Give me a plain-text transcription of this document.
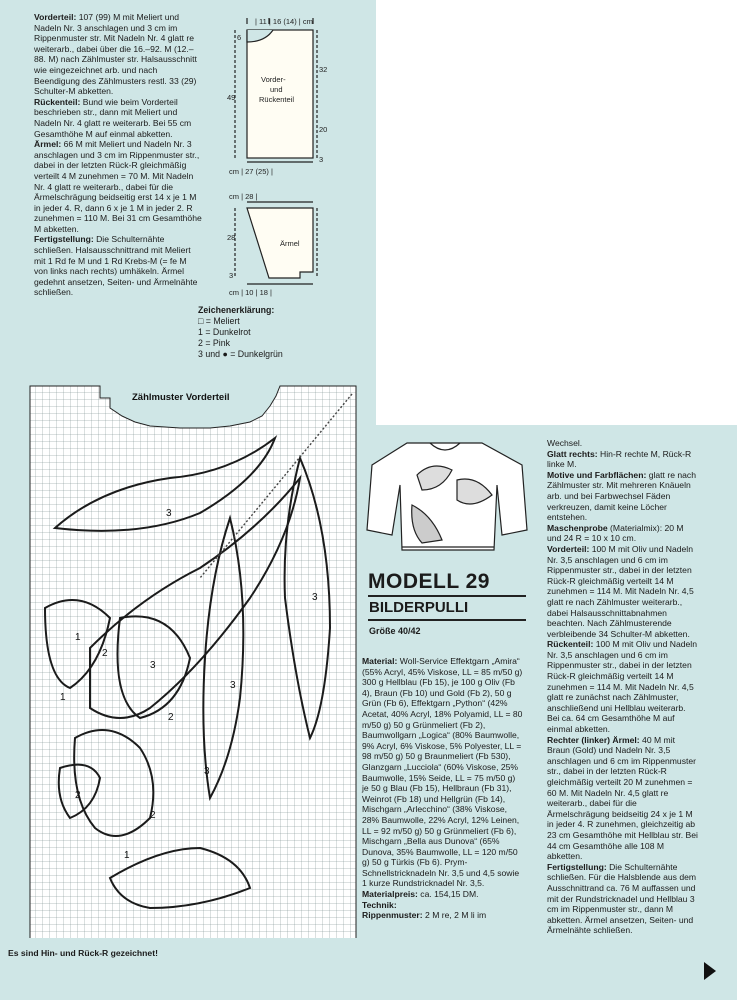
Vorderteil: 107 (99) M mit Meliert und Nadeln Nr. 3 anschlagen und 3 cm im Rippenmuster str. Mit Nadeln Nr. 4 glatt re weiterarb., dabei über die 16.–92. M (12.–88. M) nach Zählmuster str. Halsausschnitt wie eingezeichnet arb. und nach Beendigung des Zählmusters restl. 33 (29) Schulter-M abketten.

Rückenteil: Bund wie beim Vorderteil beschrieben str., dann mit Meliert und Nadeln Nr. 4 glatt re weiterarb. Bei 55 cm Gesamthöhe M auf einmal abketten.

Ärmel: 66 M mit Meliert und Nadeln Nr. 3 anschlagen und 3 cm im Rippenmuster str., dabei in der letzten Rück-R gleichmäßig verteilt 4 M zunehmen = 70 M. Mit Nadeln Nr. 4 glatt re weiterarb., dabei für die Ärmelschrägung beidseitig erst 14 x je 1 M in jeder 4. R, dann 6 x je 1 M in jeder 2. R zunehmen = 110 M. Bei 31 cm Gesamthöhe M abketten.

Fertigstellung: Die Schulternähte schließen. Halsausschnittrand mit Meliert mit 1 Rd fe M und 1 Rd Krebs-M (= fe M von links nach rechts) umhäkeln. Ärmel gedehnt ansetzen, Seiten- und Ärmelnähte schließen.

| 11 | 16 (14) | cm
6
49
32
20
3
cm | 27 (25) |
Vorder-
und
Rückenteil
cm | 28 |
28
3
Ärmel
cm | 10 | 18 |

Zeichenerklärung:

□ = Meliert

1 = Dunkelrot

2 = Pink

3 und ● = Dunkelgrün

Zählmuster Vorderteil
3
3
1
2
3
3
1
2
2
3
2
1
Es sind Hin- und Rück-R gezeichnet!
MODELL 29
BILDERPULLI
Größe 40/42

Material: Woll-Service Effektgarn „Amira“ (55% Acryl, 45% Viskose, LL = 85 m/50 g) 300 g Hellblau (Fb 15), je 100 g Oliv (Fb 4), Braun (Fb 10) und Gold (Fb 2), 50 g Grün (Fb 6), Effektgarn „Python“ (42% Acetat, 40% Acryl, 18% Polyamid, LL = 80 m/50 g) 50 g Grünmeliert (Fb 2), Baumwollgarn „Logica“ (80% Baumwolle, 9% Acryl, 6% Viskose, 5% Polyester, LL = 98 m/50 g) 50 g Braunmeliert (Fb 530), Glanzgarn „Lucciola“ (60% Viskose, 25% Baumwolle, 15% Seide, LL = 75 m/50 g) je 50 g Blau (Fb 15), Hellbraun (Fb 31), Weinrot (Fb 18) und Hellgrün (Fb 14), Mischgarn „Arlecchino“ (38% Viskose, 28% Baumwolle, 22% Acryl, 12% Leinen, LL = 92 m/50 g) 50 g Grünmeliert (Fb 6), Mischgarn „Bella aus Dunova“ (65% Dunova, 35% Baumwolle, LL = 120 m/50 g) 50 g Türkis (Fb 6). Prym-Schnellstricknadeln Nr. 3,5 und 4,5 sowie 1 kurze Rundstricknadel Nr. 3,5.

Materialpreis: ca. 154,15 DM.

Technik:

Rippenmuster: 2 M re, 2 M li im

Wechsel.

Glatt rechts: Hin-R rechte M, Rück-R linke M.

Motive und Farbflächen: glatt re nach Zählmuster str. Mit mehreren Knäueln arb. und bei Farbwechsel Fäden verkreuzen, damit keine Löcher entstehen.

Maschenprobe (Materialmix): 20 M und 24 R = 10 x 10 cm.

Vorderteil: 100 M mit Oliv und Nadeln Nr. 3,5 anschlagen und 6 cm im Rippenmuster str., dabei in der letzten Rück-R gleichmäßig verteilt 14 M zunehmen = 114 M. Mit Nadeln Nr. 4,5 glatt re nach Zählmuster weiterarb., dabei Halsausschnittabnahmen beachten. Nach Zählmusterende verbleibende 34 Schulter-M abketten.

Rückenteil: 100 M mit Oliv und Nadeln Nr. 3,5 anschlagen und 6 cm im Rippenmuster str., dabei in der letzten Rück-R gleichmäßig verteilt 14 M zunehmen = 114 M. Mit Nadeln Nr. 4,5 glatt re zunächst nach Zählmuster, anschließend uni Hellblau weiterarb. Bei ca. 64 cm Gesamthöhe M auf einmal abketten.

Rechter (linker) Ärmel: 40 M mit Braun (Gold) und Nadeln Nr. 3,5 anschlagen und 6 cm im Rippenmuster str., dabei in der letzten Rück-R gleichmäßig verteilt 20 M zunehmen = 60 M. Mit Nadeln Nr. 4,5 glatt re weiterarb., dabei für die Ärmelschrägung beidseitig 24 x je 1 M in jeder 4. R zunehmen, gleichzeitig ab 23 cm Gesamthöhe mit Hellblau str. Bei 44 cm Gesamthöhe alle 108 M abketten.

Fertigstellung: Die Schulternähte schließen. Für die Halsblende aus dem Ausschnittrand ca. 76 M auffassen und mit der Rundstricknadel und Hellblau 3 cm im Rippenmuster str., dann M abketten. Ärmel ansetzen, Seiten- und Ärmelnähte schließen.
